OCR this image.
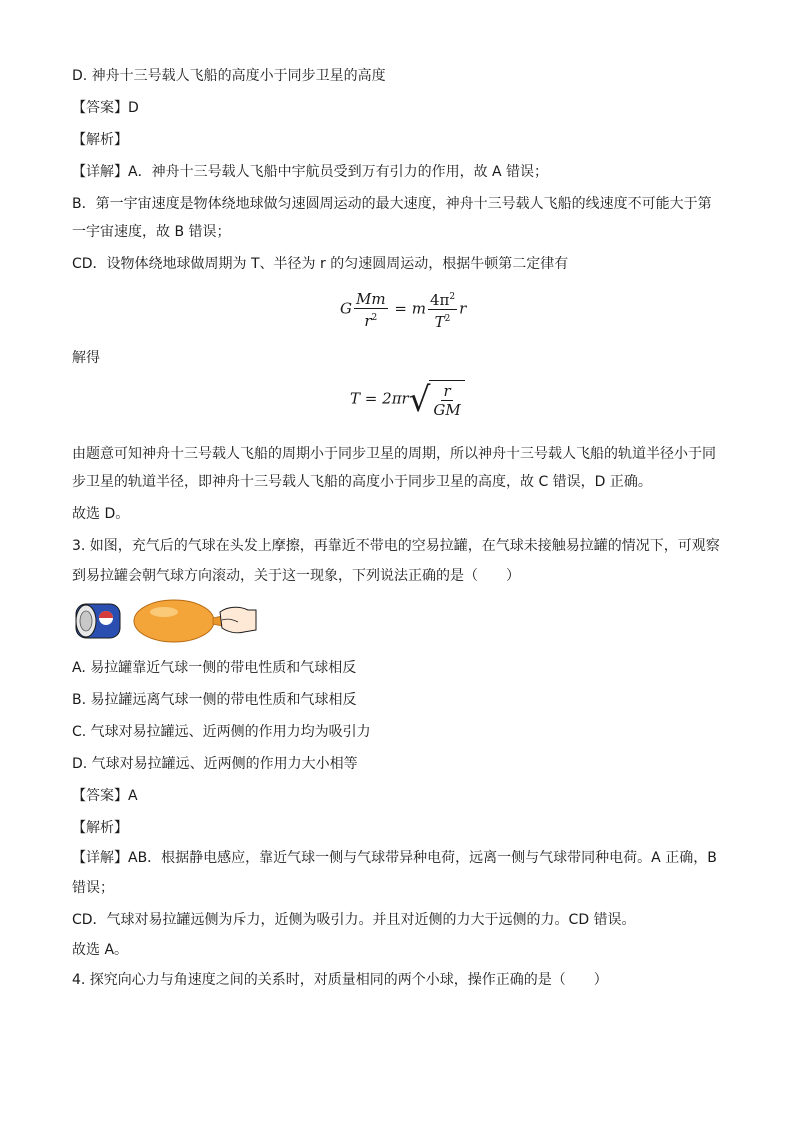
D. 神舟十三号载人飞船的高度小于同步卫星的高度
【答案】D
【解析】
【详解】A．神舟十三号载人飞船中宇航员受到万有引力的作用，故 A 错误；
B．第一宇宙速度是物体绕地球做匀速圆周运动的最大速度，神舟十三号载人飞船的线速度不可能大于第
一宇宙速度，故 B 错误；
CD．设物体绕地球做周期为 T、半径为 r 的匀速圆周运动，根据牛顿第二定律有
G $\frac{Mm}{r^2} = m \frac{4\pi^2}{T^2}$ r
解得
T = 2πr √ $\frac{r}{GM}$
由题意可知神舟十三号载人飞船的周期小于同步卫星的周期，所以神舟十三号载人飞船的轨道半径小于同
步卫星的轨道半径，即神舟十三号载人飞船的高度小于同步卫星的高度，故 C 错误，D 正确。
故选 D。
3. 如图，充气后的气球在头发上摩擦，再靠近不带电的空易拉罐，在气球未接触易拉罐的情况下，可观察
到易拉罐会朝气球方向滚动，关于这一现象，下列说法正确的是（　　）
A. 易拉罐靠近气球一侧的带电性质和气球相反
B. 易拉罐远离气球一侧的带电性质和气球相反
C. 气球对易拉罐远、近两侧的作用力均为吸引力
D. 气球对易拉罐远、近两侧的作用力大小相等
【答案】A
【解析】
【详解】AB．根据静电感应，靠近气球一侧与气球带异种电荷，远离一侧与气球带同种电荷。A 正确，B
错误；
CD．气球对易拉罐远侧为斥力，近侧为吸引力。并且对近侧的力大于远侧的力。CD 错误。
故选 A。
4. 探究向心力与角速度之间的关系时，对质量相同的两个小球，操作正确的是（　　）
